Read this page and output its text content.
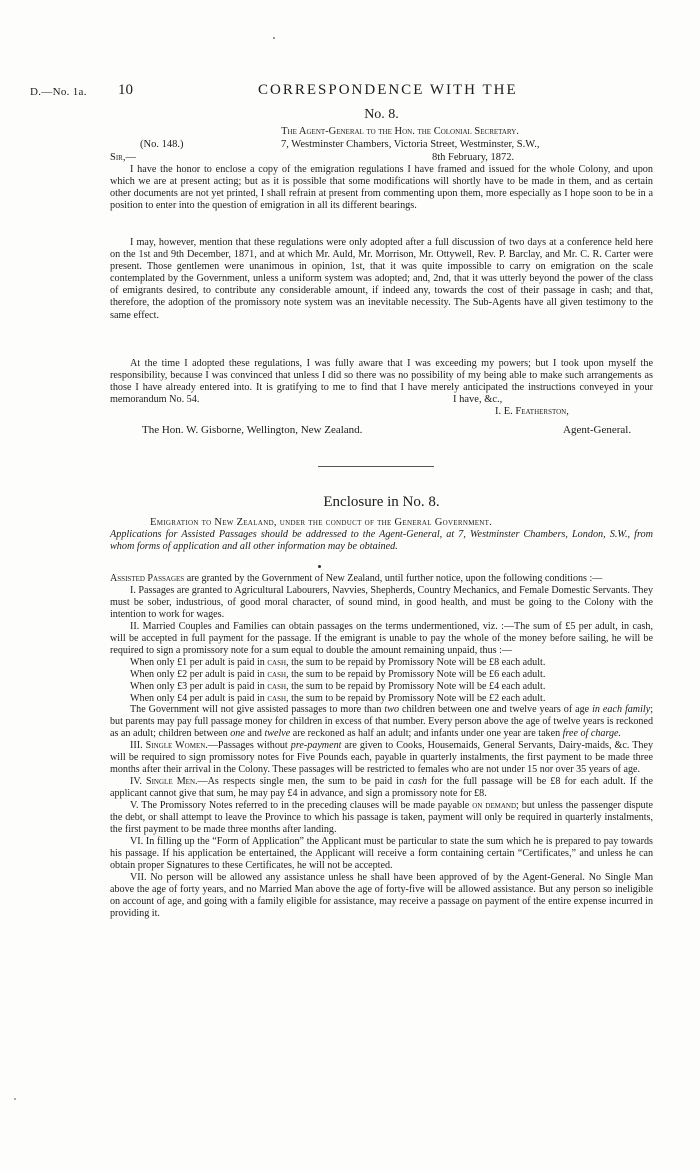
D.—No. 1a. 10	CORRESPONDENCE WITH THE
No. 8.
The Agent-General to the Hon. the Colonial Secretary.
(No. 148.)	7, Westminster Chambers, Victoria Street, Westminster, S.W.,
Sir,—	8th February, 1872.

I have the honor to enclose a copy of the emigration regulations I have framed and issued for the whole Colony, and upon which we are at present acting; but as it is possible that some modifications will shortly have to be made in them, and as certain other documents are not yet printed, I shall refrain at present from commenting upon them, more especially as I hope soon to be in a position to enter into the question of emigration in all its different bearings.

I may, however, mention that these regulations were only adopted after a full discussion of two days at a conference held here on the 1st and 9th December, 1871, and at which Mr. Auld, Mr. Morrison, Mr. Ottywell, Rev. P. Barclay, and Mr. C. R. Carter were present. Those gentlemen were unanimous in opinion, 1st, that it was quite impossible to carry on emigration on the scale contemplated by the Government, unless a uniform system was adopted; and, 2nd, that it was utterly beyond the power of the class of emigrants desired, to contribute any considerable amount, if indeed any, towards the cost of their passage in cash; and that, therefore, the adoption of the promissory note system was an inevitable necessity. The Sub-Agents have all given testimony to the same effect.

At the time I adopted these regulations, I was fully aware that I was exceeding my powers; but I took upon myself the responsibility, because I was convinced that unless I did so there was no possibility of my being able to make such arrangements as those I have already entered into. It is gratifying to me to find that I have merely anticipated the instructions conveyed in your memorandum No. 54.	I have, &c.,
I. E. Featherston,
The Hon. W. Gisborne, Wellington, New Zealand.	Agent-General.
Enclosure in No. 8.
Emigration to New Zealand, under the conduct of the General Government.
Applications for Assisted Passages should be addressed to the Agent-General, at 7, Westminster Chambers, London, S.W., from whom forms of application and all other information may be obtained.

Assisted Passages are granted by the Government of New Zealand, until further notice, upon the following conditions :—

I. Passages are granted to Agricultural Labourers, Navvies, Shepherds, Country Mechanics, and Female Domestic Servants. They must be sober, industrious, of good moral character, of sound mind, in good health, and must be going to the Colony with the intention to work for wages.

II. Married Couples and Families can obtain passages on the terms undermentioned, viz. :—The sum of £5 per adult, in cash, will be accepted in full payment for the passage. If the emigrant is unable to pay the whole of the money before sailing, he will be required to sign a promissory note for a sum equal to double the amount remaining unpaid, thus :—

When only £1 per adult is paid in cash, the sum to be repaid by Promissory Note will be £8 each adult.

When only £2 per adult is paid in cash, the sum to be repaid by Promissory Note will be £6 each adult.

When only £3 per adult is paid in cash, the sum to be repaid by Promissory Note will be £4 each adult.

When only £4 per adult is paid in cash, the sum to be repaid by Promissory Note will be £2 each adult.

The Government will not give assisted passages to more than two children between one and twelve years of age in each family; but parents may pay full passage money for children in excess of that number. Every person above the age of twelve years is reckoned as an adult; children between one and twelve are reckoned as half an adult; and infants under one year are taken free of charge.

III. Single Women.—Passages without pre-payment are given to Cooks, Housemaids, General Servants, Dairy-maids, &c. They will be required to sign promissory notes for Five Pounds each, payable in quarterly instalments, the first payment to be made three months after their arrival in the Colony. These passages will be restricted to females who are not under 15 nor over 35 years of age.

IV. Single Men.—As respects single men, the sum to be paid in cash for the full passage will be £8 for each adult. If the applicant cannot give that sum, he may pay £4 in advance, and sign a promissory note for £8.

V. The Promissory Notes referred to in the preceding clauses will be made payable on demand; but unless the passenger dispute the debt, or shall attempt to leave the Province to which his passage is taken, payment will only be required in quarterly instalments, the first payment to be made three months after landing.

VI. In filling up the “Form of Application” the Applicant must be particular to state the sum which he is prepared to pay towards his passage. If his application be entertained, the Applicant will receive a form containing certain “Certificates,” and unless he can obtain proper Signatures to these Certificates, he will not be accepted.

VII. No person will be allowed any assistance unless he shall have been approved of by the Agent-General. No Single Man above the age of forty years, and no Married Man above the age of forty-five will be allowed assistance. But any person so ineligible on account of age, and going with a family eligible for assistance, may receive a passage on payment of the entire expense incurred in providing it.
